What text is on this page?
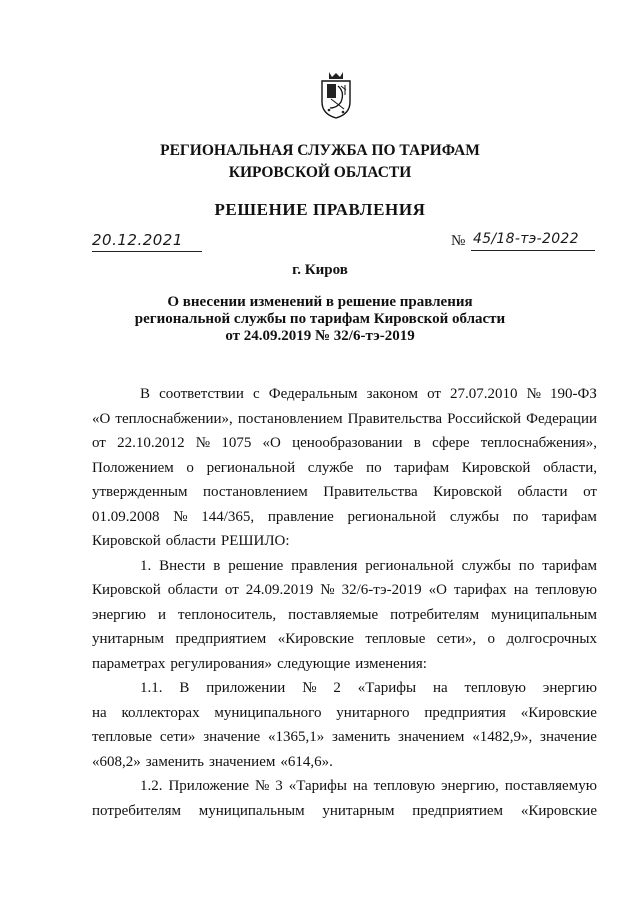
РЕГИОНАЛЬНАЯ СЛУЖБА ПО ТАРИФАМ
КИРОВСКОЙ ОБЛАСТИ
РЕШЕНИЕ ПРАВЛЕНИЯ
20.12.2021	№ 45/18-тэ-2022
г. Киров
О внесении изменений в решение правления
региональной службы по тарифам Кировской области
от 24.09.2019 № 32/6-тэ-2019
В соответствии с Федеральным законом от 27.07.2010 № 190-ФЗ
«О теплоснабжении», постановлением Правительства Российской Федерации
от 22.10.2012 № 1075 «О ценообразовании в сфере теплоснабжения»,
Положением о региональной службе по тарифам Кировской области,
утвержденным постановлением Правительства Кировской области от
01.09.2008 № 144/365, правление региональной службы по тарифам
Кировской области РЕШИЛО:
1. Внести в решение правления региональной службы по тарифам
Кировской области от 24.09.2019 № 32/6-тэ-2019 «О тарифах на тепловую
энергию и теплоноситель, поставляемые потребителям муниципальным
унитарным предприятием «Кировские тепловые сети», о долгосрочных
параметрах регулирования» следующие изменения:
1.1. В приложении № 2 «Тарифы на тепловую энергию
на коллекторах муниципального унитарного предприятия «Кировские
тепловые сети» значение «1365,1» заменить значением «1482,9», значение
«608,2» заменить значением «614,6».
1.2. Приложение № 3 «Тарифы на тепловую энергию, поставляемую
потребителям муниципальным унитарным предприятием «Кировские
